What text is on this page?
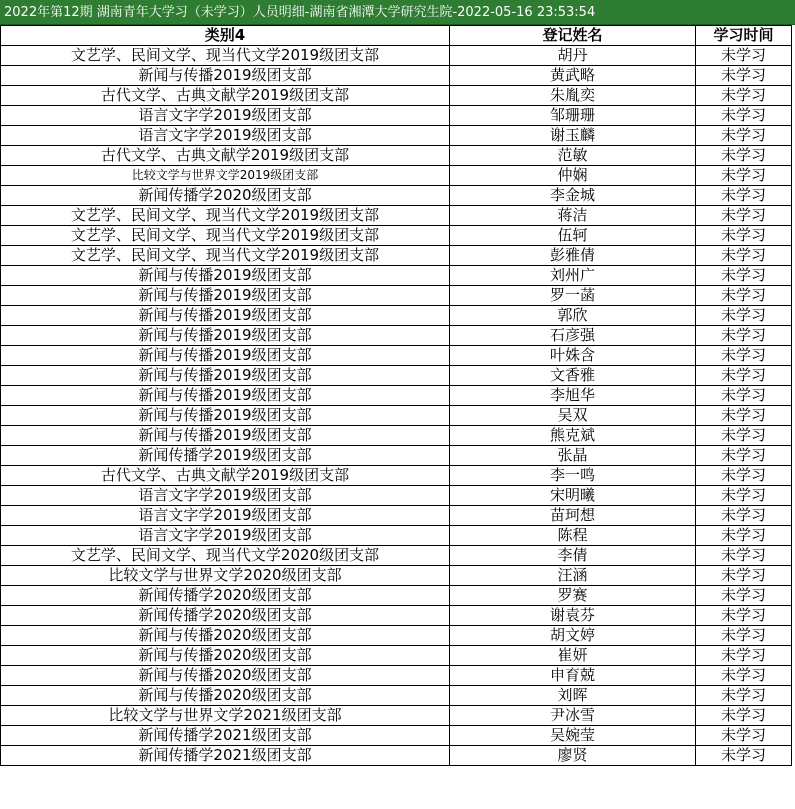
2022年第12期 湖南青年大学习（未学习）人员明细-湖南省湘潭大学研究生院-2022-05-16 23:53:54
类别4	登记姓名	学习时间
文艺学、民间文学、现当代文学2019级团支部	胡丹	未学习
新闻与传播2019级团支部	黄武略	未学习
古代文学、古典文献学2019级团支部	朱胤奕	未学习
语言文字学2019级团支部	邹珊珊	未学习
语言文字学2019级团支部	谢玉麟	未学习
古代文学、古典文献学2019级团支部	范敏	未学习
比较文学与世界文学2019级团支部	仲娴	未学习
新闻传播学2020级团支部	李金城	未学习
文艺学、民间文学、现当代文学2019级团支部	蒋洁	未学习
文艺学、民间文学、现当代文学2019级团支部	伍轲	未学习
文艺学、民间文学、现当代文学2019级团支部	彭雅倩	未学习
新闻与传播2019级团支部	刘州广	未学习
新闻与传播2019级团支部	罗一菡	未学习
新闻与传播2019级团支部	郭欣	未学习
新闻与传播2019级团支部	石彦强	未学习
新闻与传播2019级团支部	叶姝含	未学习
新闻与传播2019级团支部	文香雅	未学习
新闻与传播2019级团支部	李旭华	未学习
新闻与传播2019级团支部	吴双	未学习
新闻与传播2019级团支部	熊克斌	未学习
新闻传播学2019级团支部	张晶	未学习
古代文学、古典文献学2019级团支部	李一鸣	未学习
语言文字学2019级团支部	宋明曦	未学习
语言文字学2019级团支部	苗珂想	未学习
语言文字学2019级团支部	陈程	未学习
文艺学、民间文学、现当代文学2020级团支部	李倩	未学习
比较文学与世界文学2020级团支部	汪涵	未学习
新闻传播学2020级团支部	罗赛	未学习
新闻传播学2020级团支部	谢袁芬	未学习
新闻与传播2020级团支部	胡文婷	未学习
新闻与传播2020级团支部	崔妍	未学习
新闻与传播2020级团支部	申育兢	未学习
新闻与传播2020级团支部	刘晖	未学习
比较文学与世界文学2021级团支部	尹冰雪	未学习
新闻传播学2021级团支部	吴婉莹	未学习
新闻传播学2021级团支部	廖贤	未学习
